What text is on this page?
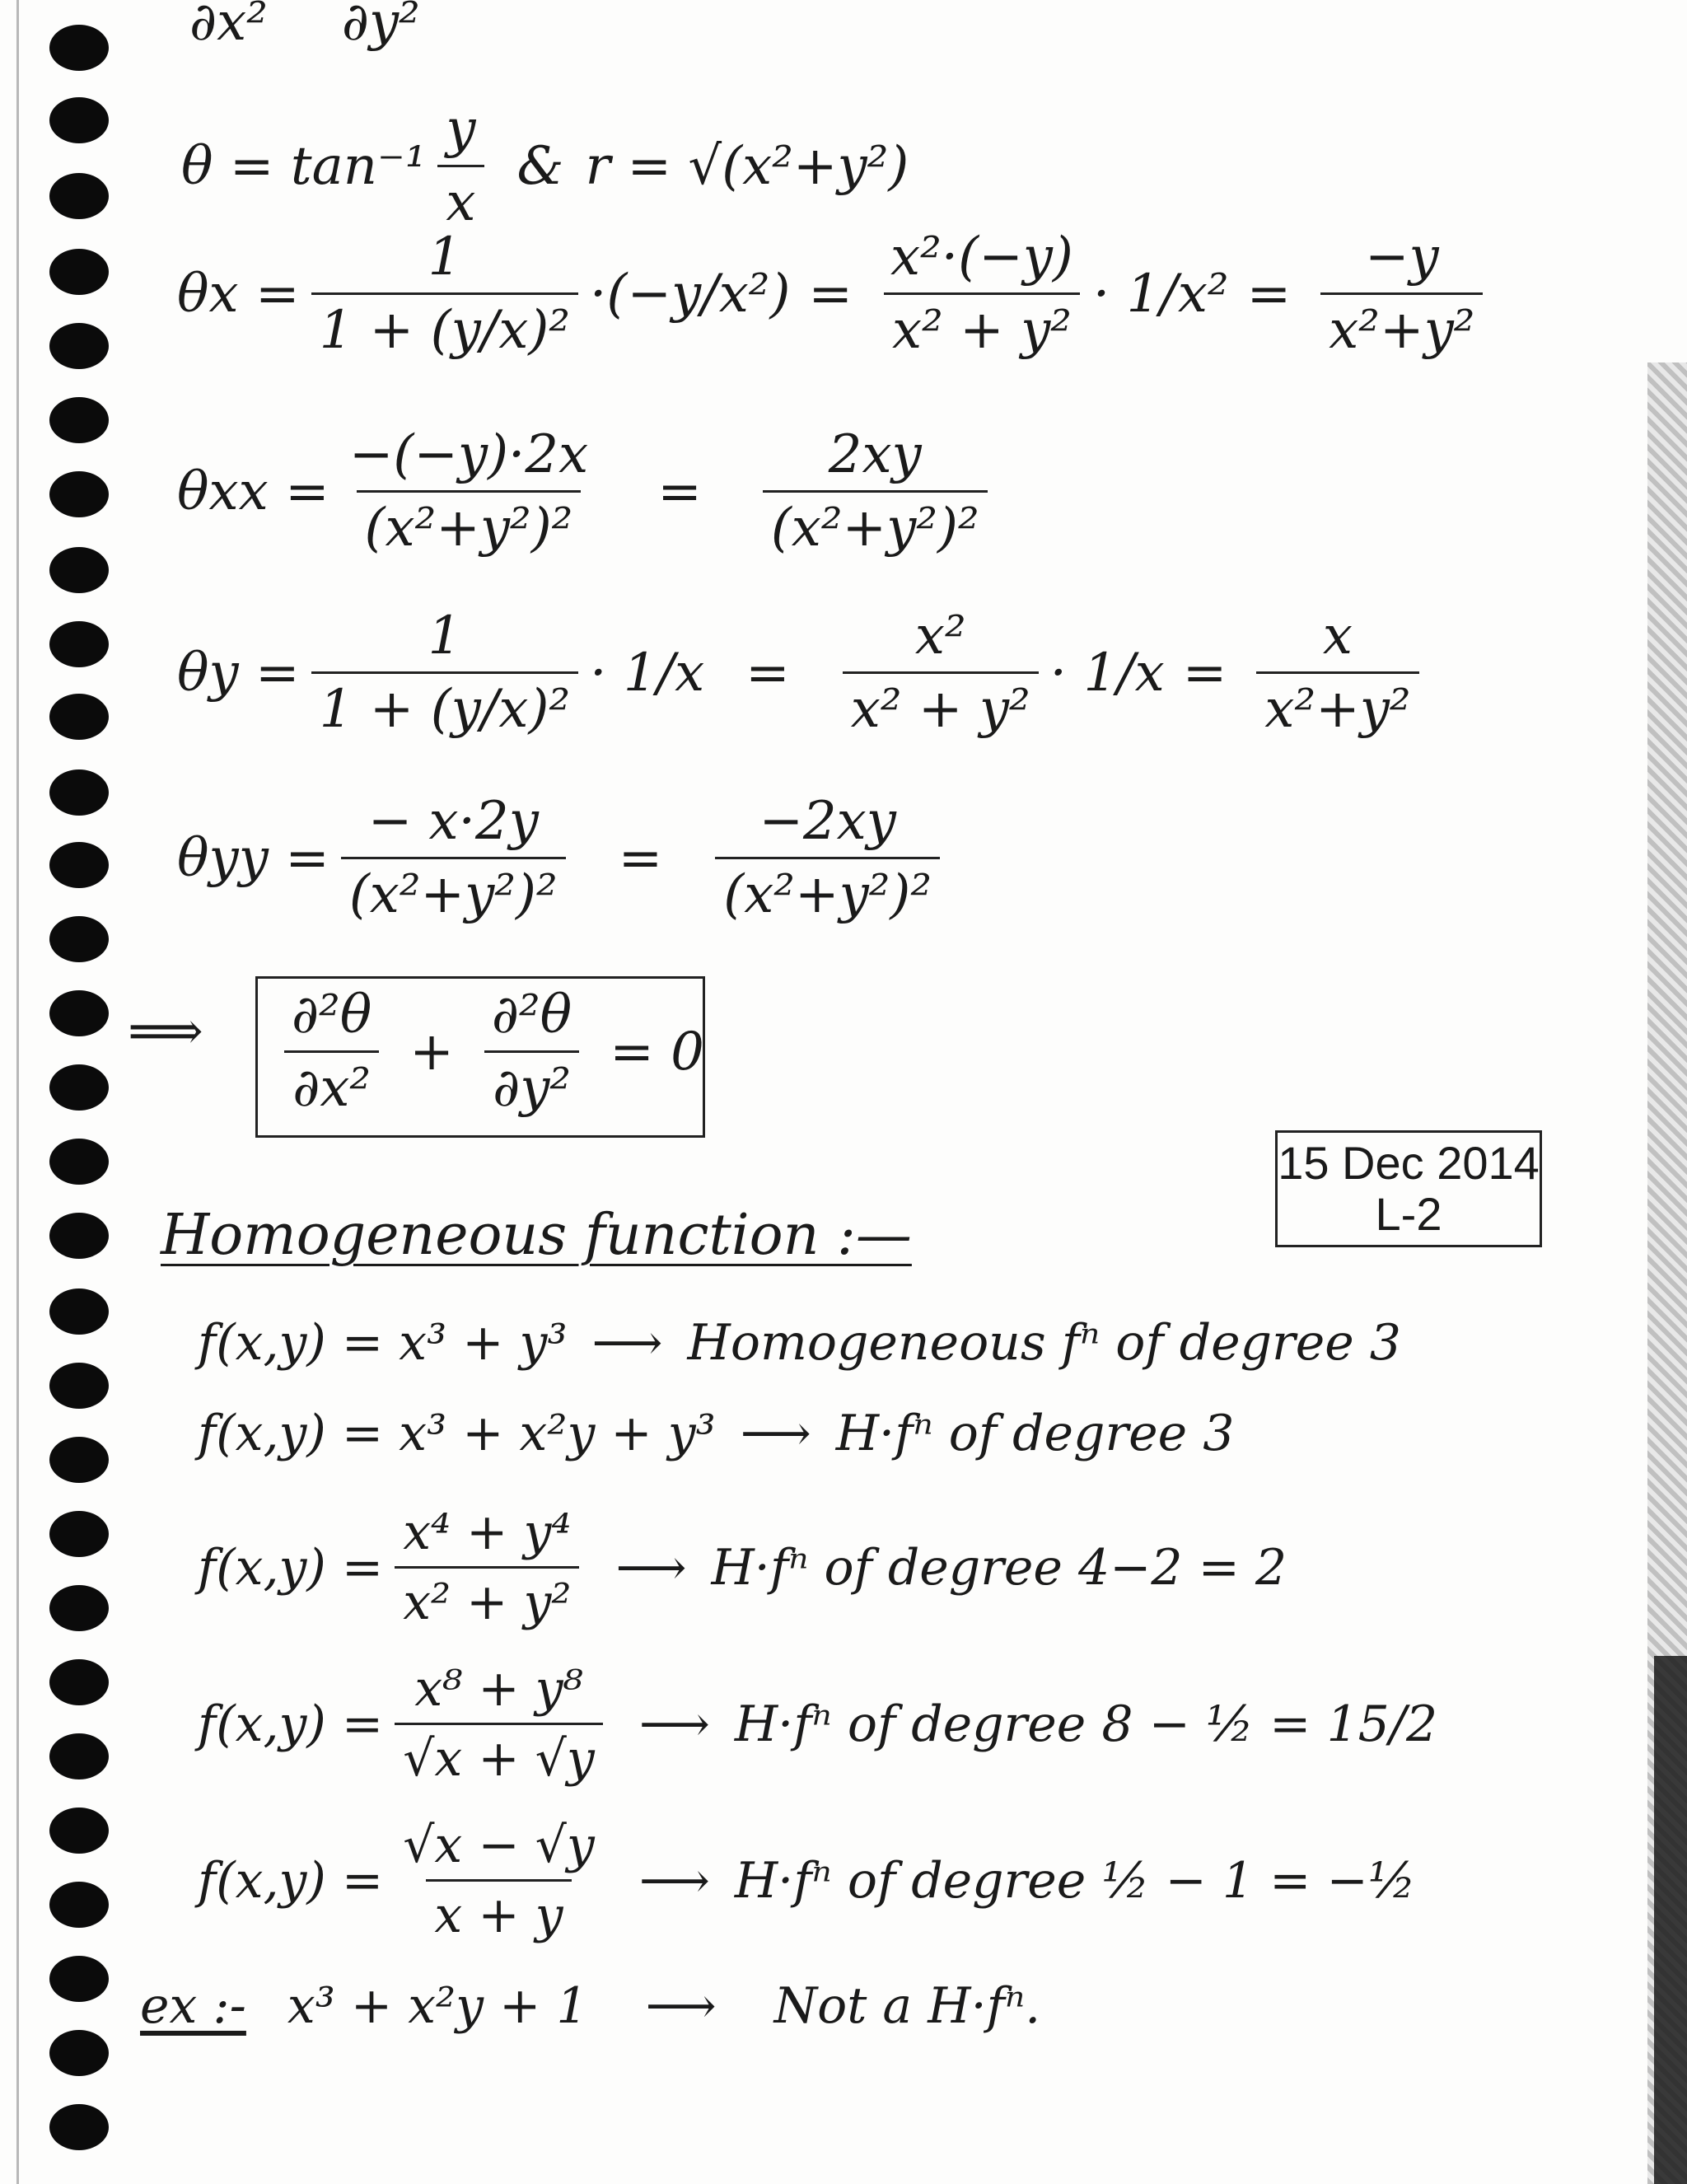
∂x² ∂y²
$\theta = \tan^{-1} \frac{y}{x}$ & r = √(x²+y²)
$\theta x = \frac{1}{\text{1 + (y/x)²}} \cdot(-y/x^2) = \frac{\text{x²·(−y)}}{\text{x² + y²}} \cdot 1/x^2 = \frac{-y}{\text{x²+y²}}$
$\theta xx = \frac{-(-y)\cdot 2x}{\text{(x²+y²)²}} = \frac{2xy}{\text{(x²+y²)²}}$
$\theta y = \frac{1}{\text{1 + (y/x)²}} \cdot 1/x = \frac{\text{x²}}{\text{x² + y²}} \cdot 1/x = \frac{x}{\text{x²+y²}}$
$\theta yy = \frac{- x\cdot 2y}{\text{(x²+y²)²}} = \frac{-2xy}{\text{(x²+y²)²}}$
⟹ $\frac{\text{∂²θ}}{\text{∂x²}} + \frac{\text{∂²θ}}{\text{∂y²}} = 0$
15 Dec 2014
L-2
Homogeneous function :—
f(x,y) = x³ + y³ ⟶ Homogeneous fⁿ of degree 3
f(x,y) = x³ + x²y + y³ ⟶ H·fⁿ of degree 3
$f(x,y) = \frac{\text{x⁴ + y⁴}}{\text{x² + y²}}$ ⟶ H·fⁿ of degree 4−2 = 2
$f(x,y) = \frac{\text{x⁸ + y⁸}}{√x + √y}$ ⟶ H·fⁿ of degree 8 − ½ = 15/2
$f(x,y) = \frac{√x - √y}{x + y}$ ⟶ H·fⁿ of degree ½ − 1 = −½
ex :- x³ + x²y + 1 ⟶ Not a H·fⁿ.
